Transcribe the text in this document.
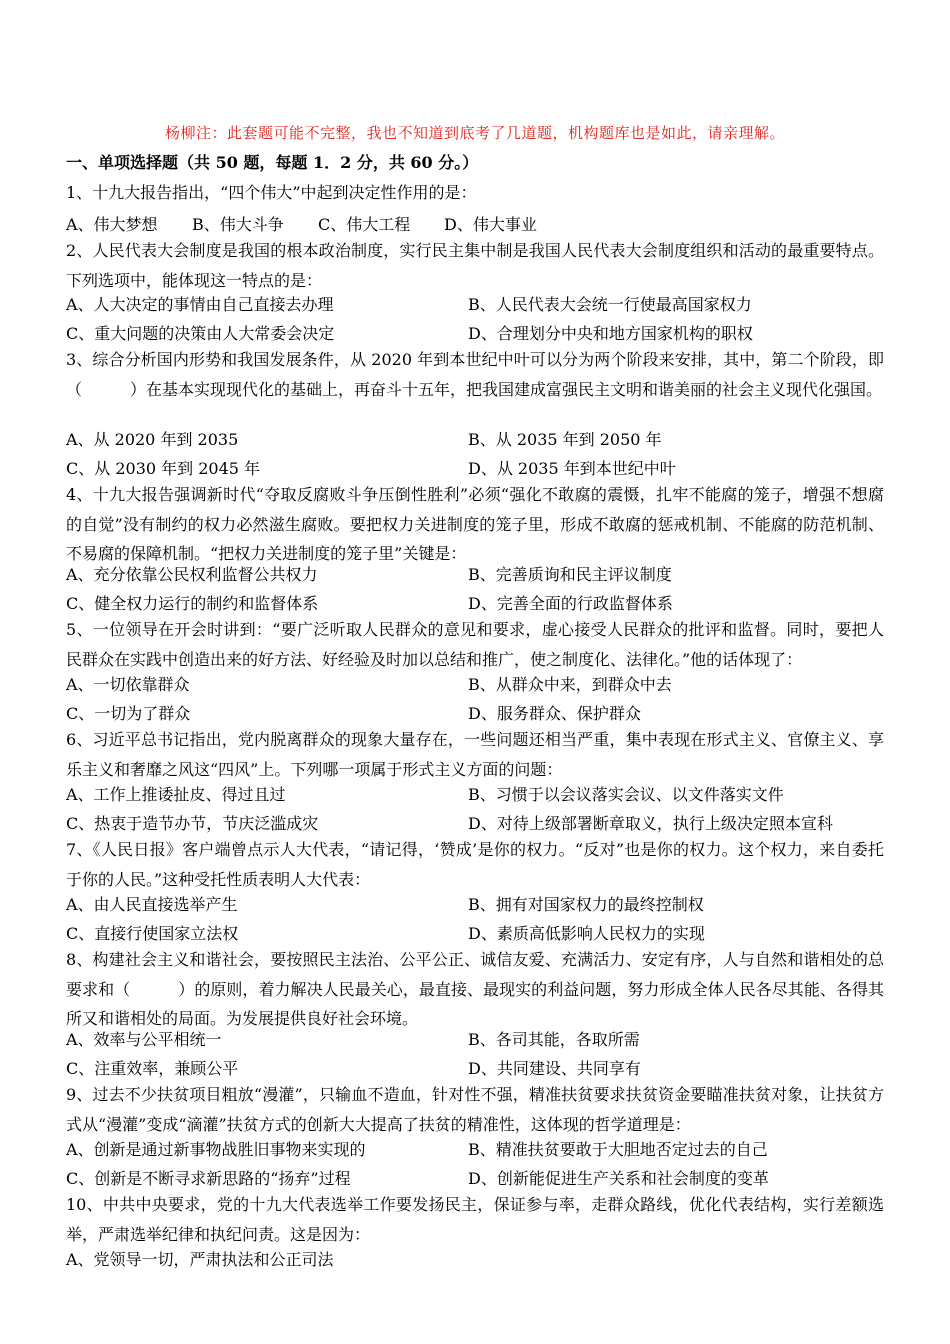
杨柳注：此套题可能不完整，我也不知道到底考了几道题，机构题库也是如此，请亲理解。
一、单项选择题（共 50 题，每题 1．2 分，共 60 分。）
1、十九大报告指出，“四个伟大”中起到决定性作用的是：
A、伟大梦想 B、伟大斗争 C、伟大工程 D、伟大事业
2、人民代表大会制度是我国的根本政治制度，实行民主集中制是我国人民代表大会制度组织和活动的最重要特点。下列选项中，能体现这一特点的是：
A、人大决定的事情由自己直接去办理	B、人民代表大会统一行使最高国家权力
C、重大问题的决策由人大常委会决定	D、合理划分中央和地方国家机构的职权
3、综合分析国内形势和我国发展条件，从 2020 年到本世纪中叶可以分为两个阶段来安排，其中，第二个阶段，即（　　　）在基本实现现代化的基础上，再奋斗十五年，把我国建成富强民主文明和谐美丽的社会主义现代化强国。
A、从 2020 年到 2035	B、从 2035 年到 2050 年
C、从 2030 年到 2045 年	D、从 2035 年到本世纪中叶
4、十九大报告强调新时代“夺取反腐败斗争压倒性胜利”必须“强化不敢腐的震慑，扎牢不能腐的笼子，增强不想腐的自觉”没有制约的权力必然滋生腐败。要把权力关进制度的笼子里，形成不敢腐的惩戒机制、不能腐的防范机制、不易腐的保障机制。“把权力关进制度的笼子里”关键是：
A、充分依靠公民权利监督公共权力	B、完善质询和民主评议制度
C、健全权力运行的制约和监督体系	D、完善全面的行政监督体系
5、一位领导在开会时讲到：“要广泛听取人民群众的意见和要求，虚心接受人民群众的批评和监督。同时，要把人民群众在实践中创造出来的好方法、好经验及时加以总结和推广，使之制度化、法律化。”他的话体现了：
A、一切依靠群众	B、从群众中来，到群众中去
C、一切为了群众	D、服务群众、保护群众
6、习近平总书记指出，党内脱离群众的现象大量存在，一些问题还相当严重，集中表现在形式主义、官僚主义、享乐主义和奢靡之风这“四风”上。下列哪一项属于形式主义方面的问题：
A、工作上推诿扯皮、得过且过	B、习惯于以会议落实会议、以文件落实文件
C、热衷于造节办节，节庆泛滥成灾	D、对待上级部署断章取义，执行上级决定照本宣科
7、《人民日报》客户端曾点示人大代表，“请记得，‘赞成’是你的权力。“反对”也是你的权力。这个权力，来自委托于你的人民。”这种受托性质表明人大代表：
A、由人民直接选举产生	B、拥有对国家权力的最终控制权
C、直接行使国家立法权	D、素质高低影响人民权力的实现
8、构建社会主义和谐社会，要按照民主法治、公平公正、诚信友爱、充满活力、安定有序，人与自然和谐相处的总要求和（　　　）的原则，着力解决人民最关心，最直接、最现实的利益问题，努力形成全体人民各尽其能、各得其所又和谐相处的局面。为发展提供良好社会环境。
A、效率与公平相统一	B、各司其能，各取所需
C、注重效率，兼顾公平	D、共同建设、共同享有
9、过去不少扶贫项目粗放“漫灌”，只输血不造血，针对性不强，精准扶贫要求扶贫资金要瞄准扶贫对象，让扶贫方式从“漫灌”变成“滴灌”扶贫方式的创新大大提高了扶贫的精准性，这体现的哲学道理是：
A、创新是通过新事物战胜旧事物来实现的	B、精准扶贫要敢于大胆地否定过去的自己
C、创新是不断寻求新思路的“扬弃”过程	D、创新能促进生产关系和社会制度的变革
10、中共中央要求，党的十九大代表选举工作要发扬民主，保证参与率，走群众路线，优化代表结构，实行差额选举，严肃选举纪律和执纪问责。这是因为：
A、党领导一切，严肃执法和公正司法
